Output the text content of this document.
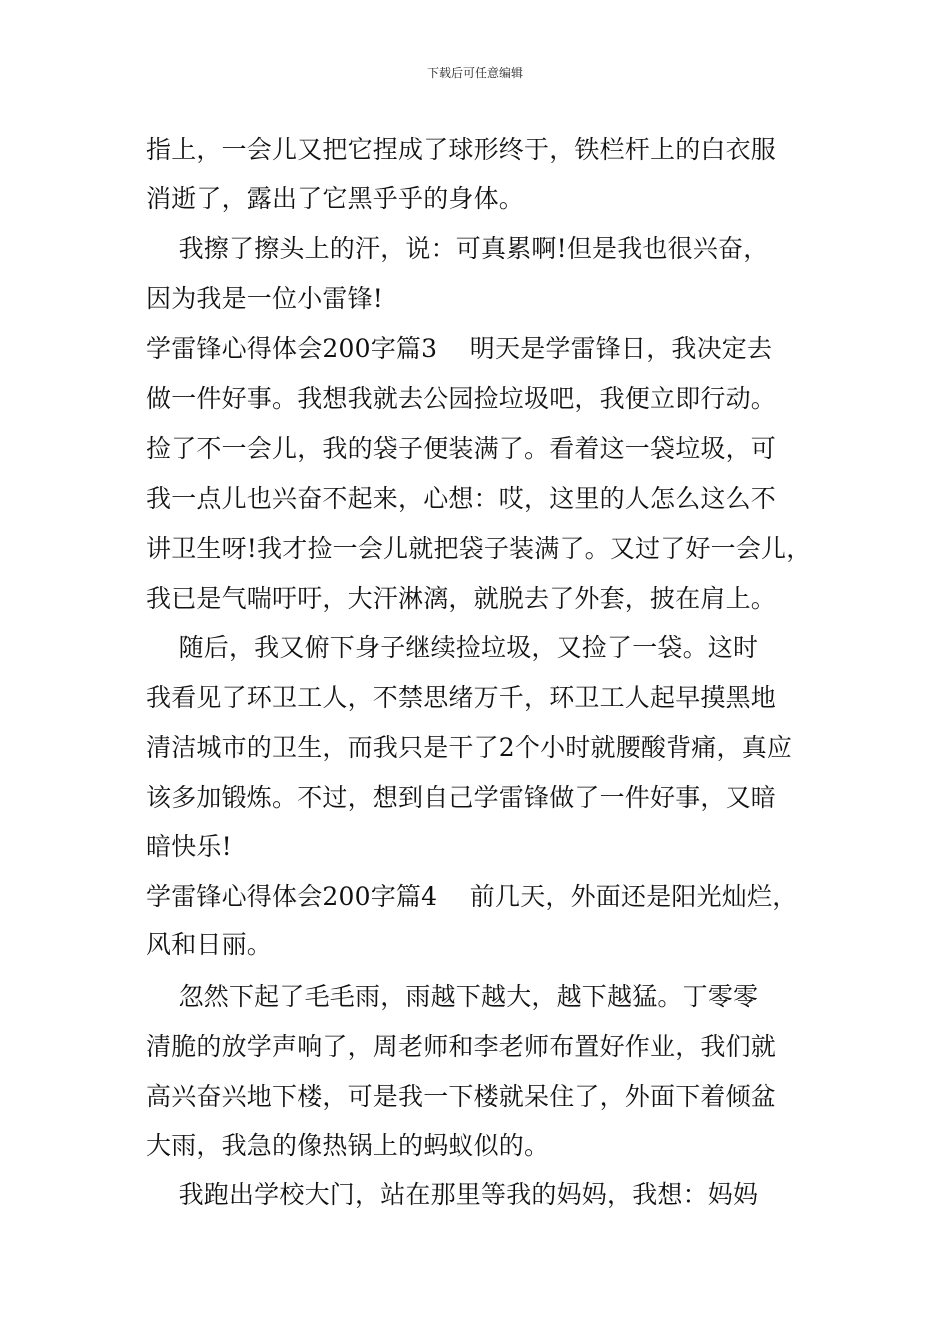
下载后可任意编辑
指上，一会儿又把它捏成了球形终于，铁栏杆上的白衣服
消逝了，露出了它黑乎乎的身体。
我擦了擦头上的汗，说：可真累啊!但是我也很兴奋，
因为我是一位小雷锋!
学雷锋心得体会200字篇3    明天是学雷锋日，我决定去
做一件好事。我想我就去公园捡垃圾吧，我便立即行动。
捡了不一会儿，我的袋子便装满了。看着这一袋垃圾，可
我一点儿也兴奋不起来，心想：哎，这里的人怎么这么不
讲卫生呀!我才捡一会儿就把袋子装满了。又过了好一会儿，
我已是气喘吁吁，大汗淋漓，就脱去了外套，披在肩上。
随后，我又俯下身子继续捡垃圾，又捡了一袋。这时
我看见了环卫工人，不禁思绪万千，环卫工人起早摸黑地
清洁城市的卫生，而我只是干了2个小时就腰酸背痛，真应
该多加锻炼。不过，想到自己学雷锋做了一件好事，又暗
暗快乐!
学雷锋心得体会200字篇4    前几天，外面还是阳光灿烂，
风和日丽。
忽然下起了毛毛雨，雨越下越大，越下越猛。丁零零
清脆的放学声响了，周老师和李老师布置好作业，我们就
高兴奋兴地下楼，可是我一下楼就呆住了，外面下着倾盆
大雨，我急的像热锅上的蚂蚁似的。
我跑出学校大门，站在那里等我的妈妈，我想：妈妈
